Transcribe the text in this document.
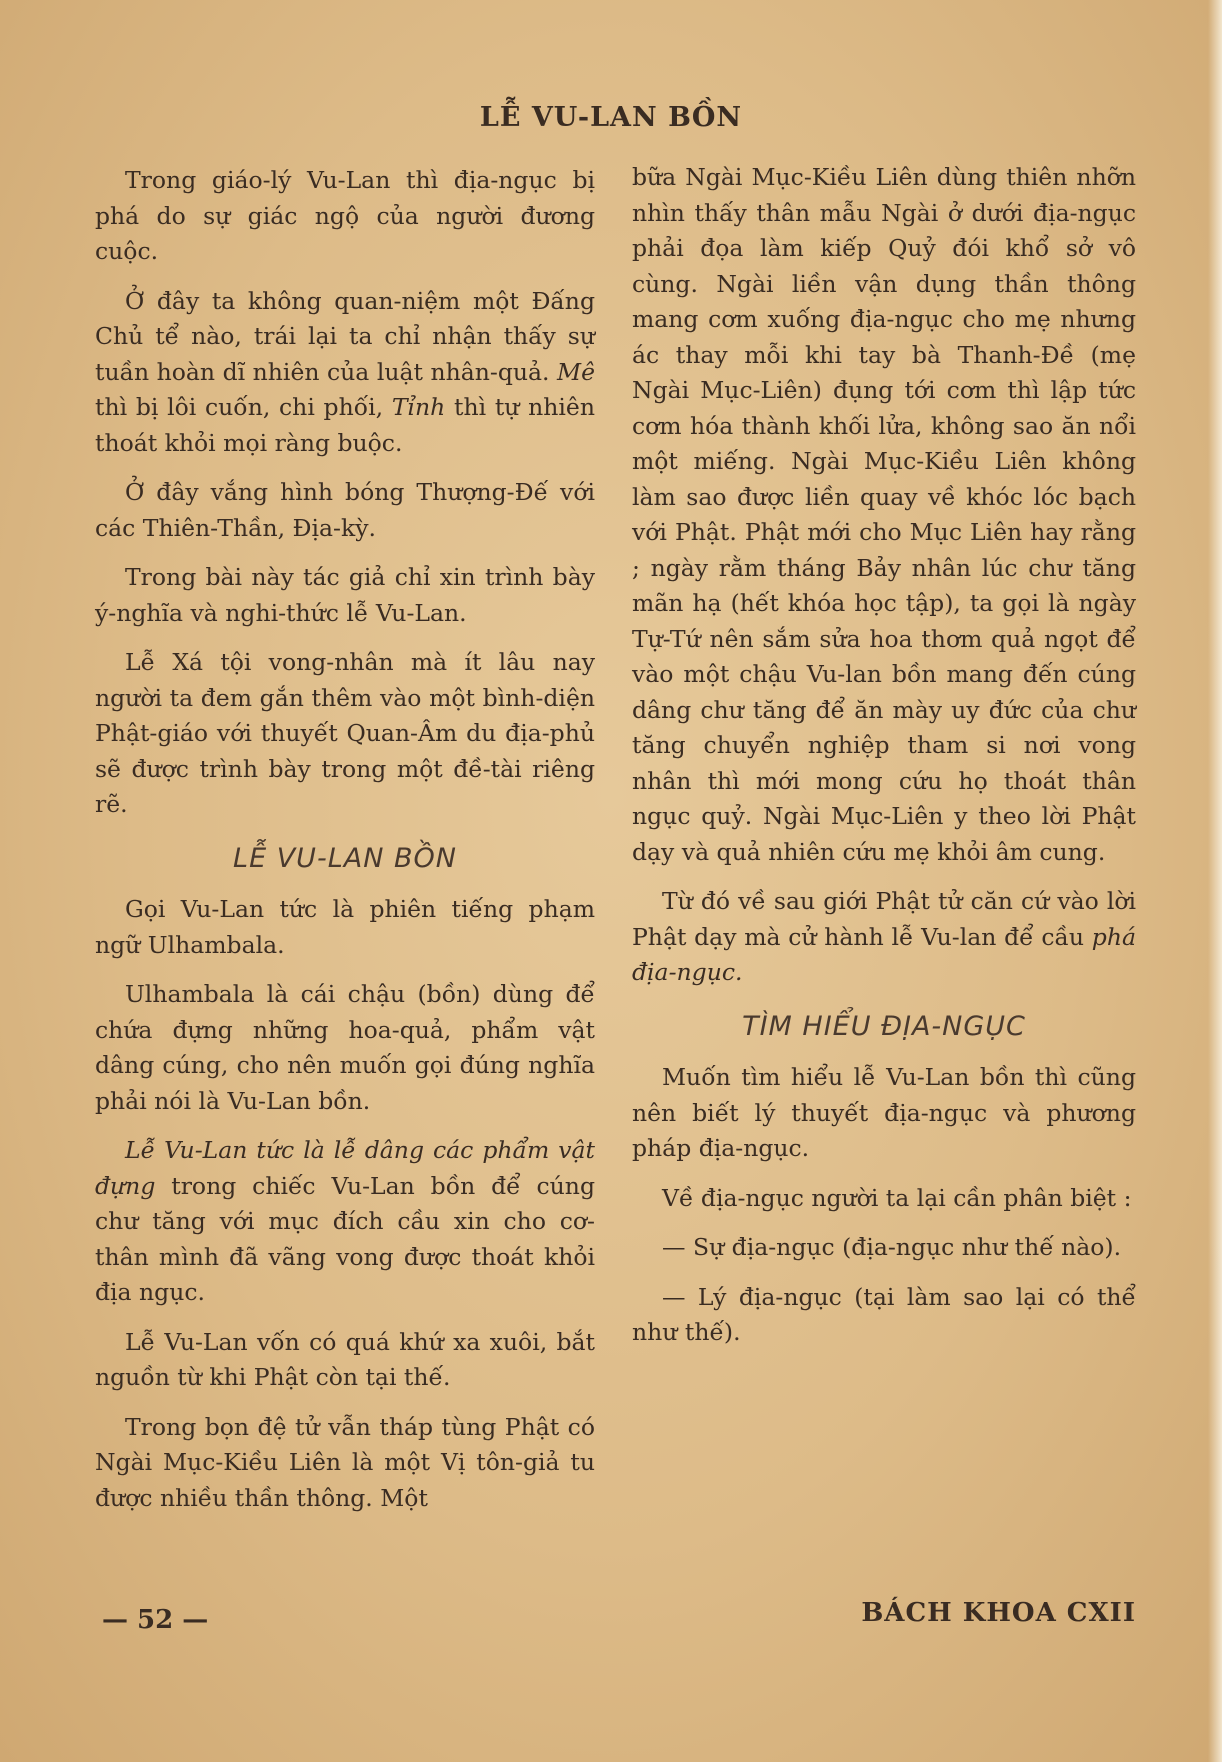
LỄ VU-LAN BỒN

Trong giáo-lý Vu-Lan thì địa-ngục bị phá do sự giác ngộ của người đương cuộc.

Ở đây ta không quan-niệm một Đấng Chủ tể nào, trái lại ta chỉ nhận thấy sự tuần hoàn dĩ nhiên của luật nhân-quả. Mê thì bị lôi cuốn, chi phối, Tỉnh thì tự nhiên thoát khỏi mọi ràng buộc.

Ở đây vắng hình bóng Thượng-Đế với các Thiên-Thần, Địa-kỳ.

Trong bài này tác giả chỉ xin trình bày ý-nghĩa và nghi-thức lễ Vu-Lan.

Lễ Xá tội vong-nhân mà ít lâu nay người ta đem gắn thêm vào một bình-diện Phật-giáo với thuyết Quan-Âm du địa-phủ sẽ được trình bày trong một đề-tài riêng rẽ.

LỄ VU-LAN BỒN

Gọi Vu-Lan tức là phiên tiếng phạm ngữ Ulhambala.

Ulhambala là cái chậu (bồn) dùng để chứa đựng những hoa-quả, phẩm vật dâng cúng, cho nên muốn gọi đúng nghĩa phải nói là Vu-Lan bồn.

Lễ Vu-Lan tức là lễ dâng các phẩm vật đựng trong chiếc Vu-Lan bồn để cúng chư tăng với mục đích cầu xin cho cơ-thân mình đã vãng vong được thoát khỏi địa ngục.

Lễ Vu-Lan vốn có quá khứ xa xuôi, bắt nguồn từ khi Phật còn tại thế.

Trong bọn đệ tử vẫn tháp tùng Phật có Ngài Mục-Kiều Liên là một Vị tôn-giả tu được nhiều thần thông. Một

bữa Ngài Mục-Kiều Liên dùng thiên nhỡn nhìn thấy thân mẫu Ngài ở dưới địa-ngục phải đọa làm kiếp Quỷ đói khổ sở vô cùng. Ngài liền vận dụng thần thông mang cơm xuống địa-ngục cho mẹ nhưng ác thay mỗi khi tay bà Thanh-Đề (mẹ Ngài Mục-Liên) đụng tới cơm thì lập tức cơm hóa thành khối lửa, không sao ăn nổi một miếng. Ngài Mục-Kiều Liên không làm sao được liền quay về khóc lóc bạch với Phật. Phật mới cho Mục Liên hay rằng ; ngày rằm tháng Bảy nhân lúc chư tăng mãn hạ (hết khóa học tập), ta gọi là ngày Tự-Tứ nên sắm sửa hoa thơm quả ngọt để vào một chậu Vu-lan bồn mang đến cúng dâng chư tăng để ăn mày uy đức của chư tăng chuyển nghiệp tham si nơi vong nhân thì mới mong cứu họ thoát thân ngục quỷ. Ngài Mục-Liên y theo lời Phật dạy và quả nhiên cứu mẹ khỏi âm cung.

Từ đó về sau giới Phật tử căn cứ vào lời Phật dạy mà cử hành lễ Vu-lan để cầu phá địa-ngục.

TÌM HIỂU ĐỊA-NGỤC

Muốn tìm hiểu lễ Vu-Lan bồn thì cũng nên biết lý thuyết địa-ngục và phương pháp địa-ngục.

Về địa-ngục người ta lại cần phân biệt :

— Sự địa-ngục (địa-ngục như thế nào).

— Lý địa-ngục (tại làm sao lại có thể như thế).

— 52 —	BÁCH KHOA CXII
